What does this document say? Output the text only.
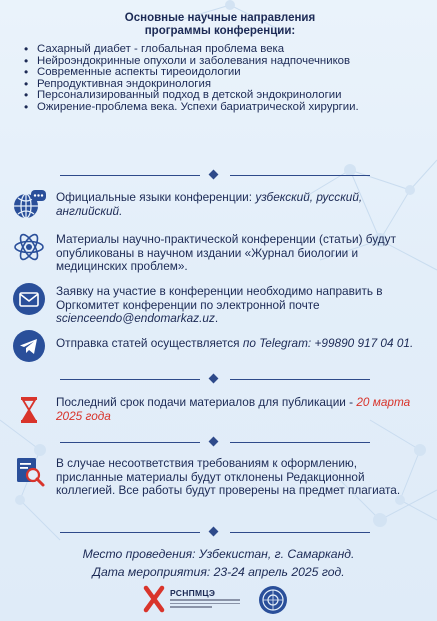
Основные научные направления
программы конференции:
• Сахарный диабет - глобальная проблема века
• Нейроэндокринные опухоли и заболевания надпочечников
• Современные аспекты тиреоидологии
• Репродуктивная эндокринология
• Персонализированный подход в детской эндокринологии
• Ожирение-проблема века. Успехи бариатрической хирургии.
Официальные языки конференции: узбекский, русский, английский.
Материалы научно-практической конференции (статьи) будут опубликованы в научном издании «Журнал биологии и медицинских проблем».
Заявку на участие в конференции необходимо направить в Оргкомитет конференции по электронной почте scienceendo@endomarkaz.uz.
Отправка статей осуществляется по Telegram: +99890 917 04 01.
Последний срок подачи материалов для публикации - 20 марта 2025 года
В случае несоответствия требованиям к оформлению, присланные материалы будут отклонены Редакционной коллегией. Все работы будут проверены на предмет плагиата.
Место проведения: Узбекистан, г. Самарканд.
Дата мероприятия: 23-24 апрель 2025 год.
РСНПМЦЭ
